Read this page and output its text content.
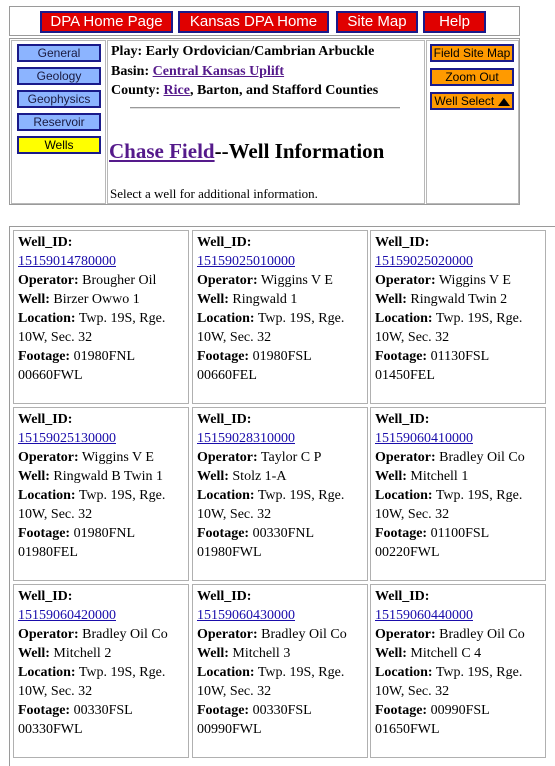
DPA Home Page	Kansas DPA Home	Site Map	Help
General
Geology
Geophysics
Reservoir
Wells
Play: Early Ordovician/Cambrian Arbuckle
Basin: Central Kansas Uplift
County: Rice, Barton, and Stafford Counties
Chase Field--Well Information
Select a well for additional information.
Field Site Map
Zoom Out
Well Select
Well_ID:
15159014780000
Operator: Brougher Oil
Well: Birzer Owwo 1
Location: Twp. 19S, Rge.
10W, Sec. 32
Footage: 01980FNL
00660FWL
Well_ID:
15159025010000
Operator: Wiggins V E
Well: Ringwald 1
Location: Twp. 19S, Rge.
10W, Sec. 32
Footage: 01980FSL
00660FEL
Well_ID:
15159025020000
Operator: Wiggins V E
Well: Ringwald Twin 2
Location: Twp. 19S, Rge.
10W, Sec. 32
Footage: 01130FSL
01450FEL
Well_ID:
15159025130000
Operator: Wiggins V E
Well: Ringwald B Twin 1
Location: Twp. 19S, Rge.
10W, Sec. 32
Footage: 01980FNL
01980FEL
Well_ID:
15159028310000
Operator: Taylor C P
Well: Stolz 1-A
Location: Twp. 19S, Rge.
10W, Sec. 32
Footage: 00330FNL
01980FWL
Well_ID:
15159060410000
Operator: Bradley Oil Co
Well: Mitchell 1
Location: Twp. 19S, Rge.
10W, Sec. 32
Footage: 01100FSL
00220FWL
Well_ID:
15159060420000
Operator: Bradley Oil Co
Well: Mitchell 2
Location: Twp. 19S, Rge.
10W, Sec. 32
Footage: 00330FSL
00330FWL
Well_ID:
15159060430000
Operator: Bradley Oil Co
Well: Mitchell 3
Location: Twp. 19S, Rge.
10W, Sec. 32
Footage: 00330FSL
00990FWL
Well_ID:
15159060440000
Operator: Bradley Oil Co
Well: Mitchell C 4
Location: Twp. 19S, Rge.
10W, Sec. 32
Footage: 00990FSL
01650FWL
